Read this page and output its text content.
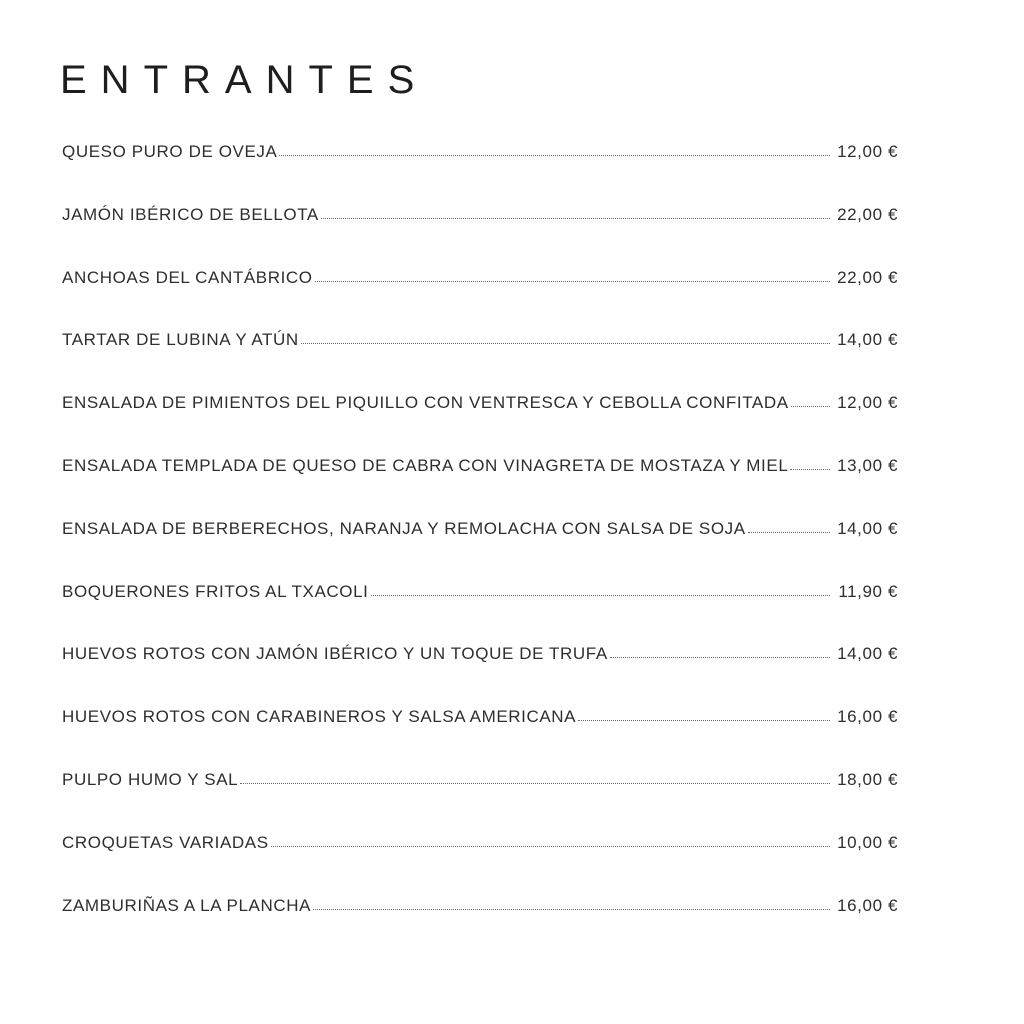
ENTRANTES
QUESO PURO DE OVEJA	12,00 €
JAMÓN IBÉRICO DE BELLOTA	22,00 €
ANCHOAS DEL CANTÁBRICO	22,00 €
TARTAR DE LUBINA Y ATÚN	14,00 €
ENSALADA DE PIMIENTOS DEL PIQUILLO CON VENTRESCA Y CEBOLLA CONFITADA	12,00 €
ENSALADA TEMPLADA DE QUESO DE CABRA CON VINAGRETA DE MOSTAZA Y MIEL	13,00 €
ENSALADA DE BERBERECHOS, NARANJA Y REMOLACHA CON SALSA DE SOJA	14,00 €
BOQUERONES FRITOS AL TXACOLI	11,90 €
HUEVOS ROTOS CON JAMÓN IBÉRICO Y UN TOQUE DE TRUFA	14,00 €
HUEVOS ROTOS CON CARABINEROS Y SALSA AMERICANA	16,00 €
PULPO HUMO Y SAL	18,00 €
CROQUETAS VARIADAS	10,00 €
ZAMBURIÑAS A LA PLANCHA	16,00 €
